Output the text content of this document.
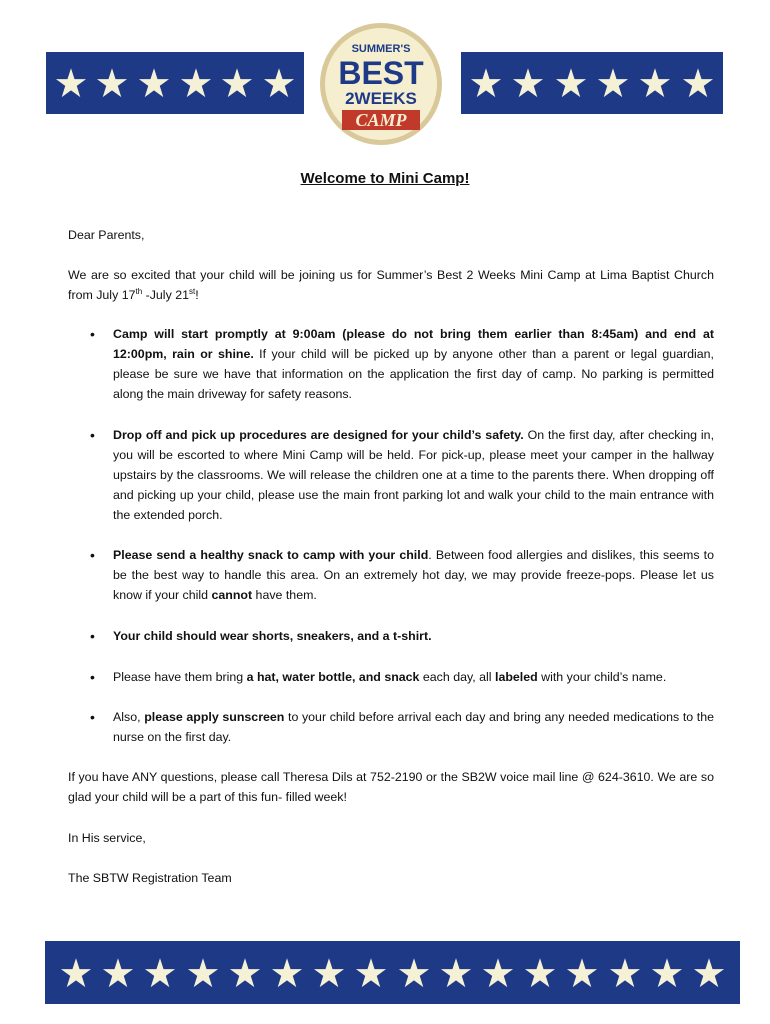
SUMMER'S
BEST
2WEEKS
CAMP
Welcome to Mini Camp!
Dear Parents,
We are so excited that your child will be joining us for Summer’s Best 2 Weeks Mini Camp at Lima Baptist Church from July 17th -July 21st!
•	Camp will start promptly at 9:00am (please do not bring them earlier than 8:45am) and end at 12:00pm, rain or shine. If your child will be picked up by anyone other than a parent or legal guardian, please be sure we have that information on the application the first day of camp. No parking is permitted along the main driveway for safety reasons.
•	Drop off and pick up procedures are designed for your child’s safety. On the first day, after checking in, you will be escorted to where Mini Camp will be held. For pick-up, please meet your camper in the hallway upstairs by the classrooms. We will release the children one at a time to the parents there. When dropping off and picking up your child, please use the main front parking lot and walk your child to the main entrance with the extended porch.
•	Please send a healthy snack to camp with your child. Between food allergies and dislikes, this seems to be the best way to handle this area. On an extremely hot day, we may provide freeze-pops. Please let us know if your child cannot have them.
•	Your child should wear shorts, sneakers, and a t-shirt.
•	Please have them bring a hat, water bottle, and snack each day, all labeled with your child’s name.
•	Also, please apply sunscreen to your child before arrival each day and bring any needed medications to the nurse on the first day.
If you have ANY questions, please call Theresa Dils at 752-2190 or the SB2W voice mail line @ 624-3610. We are so glad your child will be a part of this fun- filled week!
In His service,
The SBTW Registration Team
